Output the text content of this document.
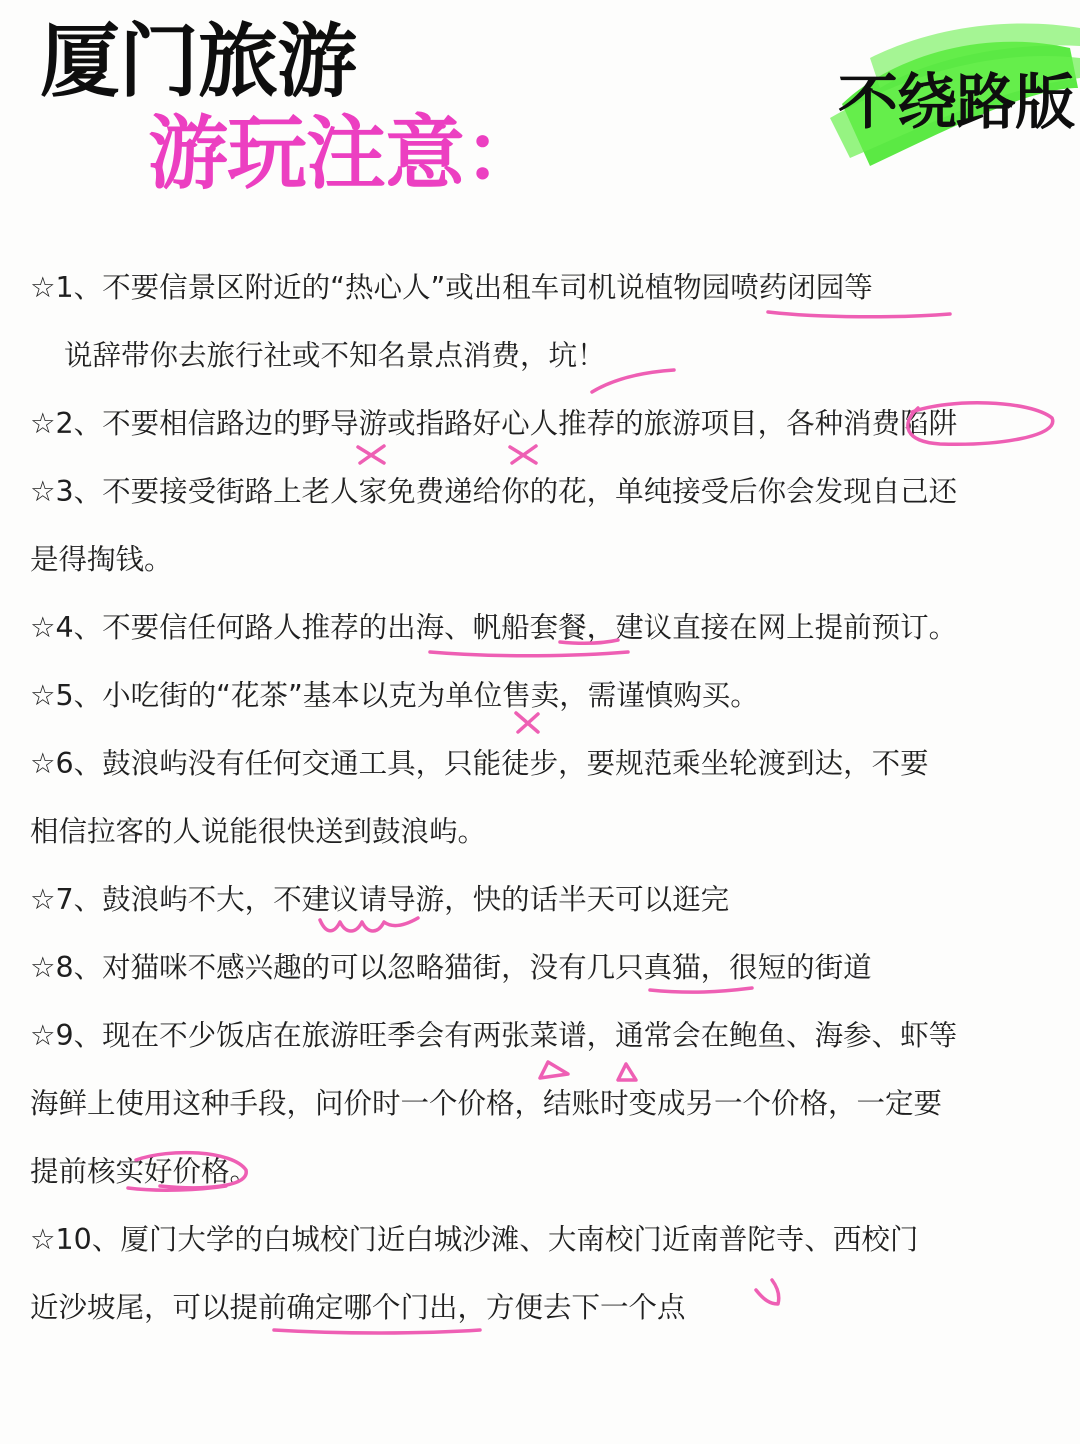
厦门旅游
游玩注意：
不绕路版
☆1、不要信景区附近的“热心人”或出租车司机说植物园喷药闭园等
说辞带你去旅行社或不知名景点消费，坑！
☆2、不要相信路边的野导游或指路好心人推荐的旅游项目，各种消费陷阱
☆3、不要接受街路上老人家免费递给你的花，单纯接受后你会发现自己还
是得掏钱。
☆4、不要信任何路人推荐的出海、帆船套餐，建议直接在网上提前预订。
☆5、小吃街的“花茶”基本以克为单位售卖，需谨慎购买。
☆6、鼓浪屿没有任何交通工具，只能徒步，要规范乘坐轮渡到达，不要
相信拉客的人说能很快送到鼓浪屿。
☆7、鼓浪屿不大，不建议请导游，快的话半天可以逛完
☆8、对猫咪不感兴趣的可以忽略猫街，没有几只真猫，很短的街道
☆9、现在不少饭店在旅游旺季会有两张菜谱，通常会在鲍鱼、海参、虾等
海鲜上使用这种手段，问价时一个价格，结账时变成另一个价格，一定要
提前核实好价格。
☆10、厦门大学的白城校门近白城沙滩、大南校门近南普陀寺、西校门
近沙坡尾，可以提前确定哪个门出，方便去下一个点
